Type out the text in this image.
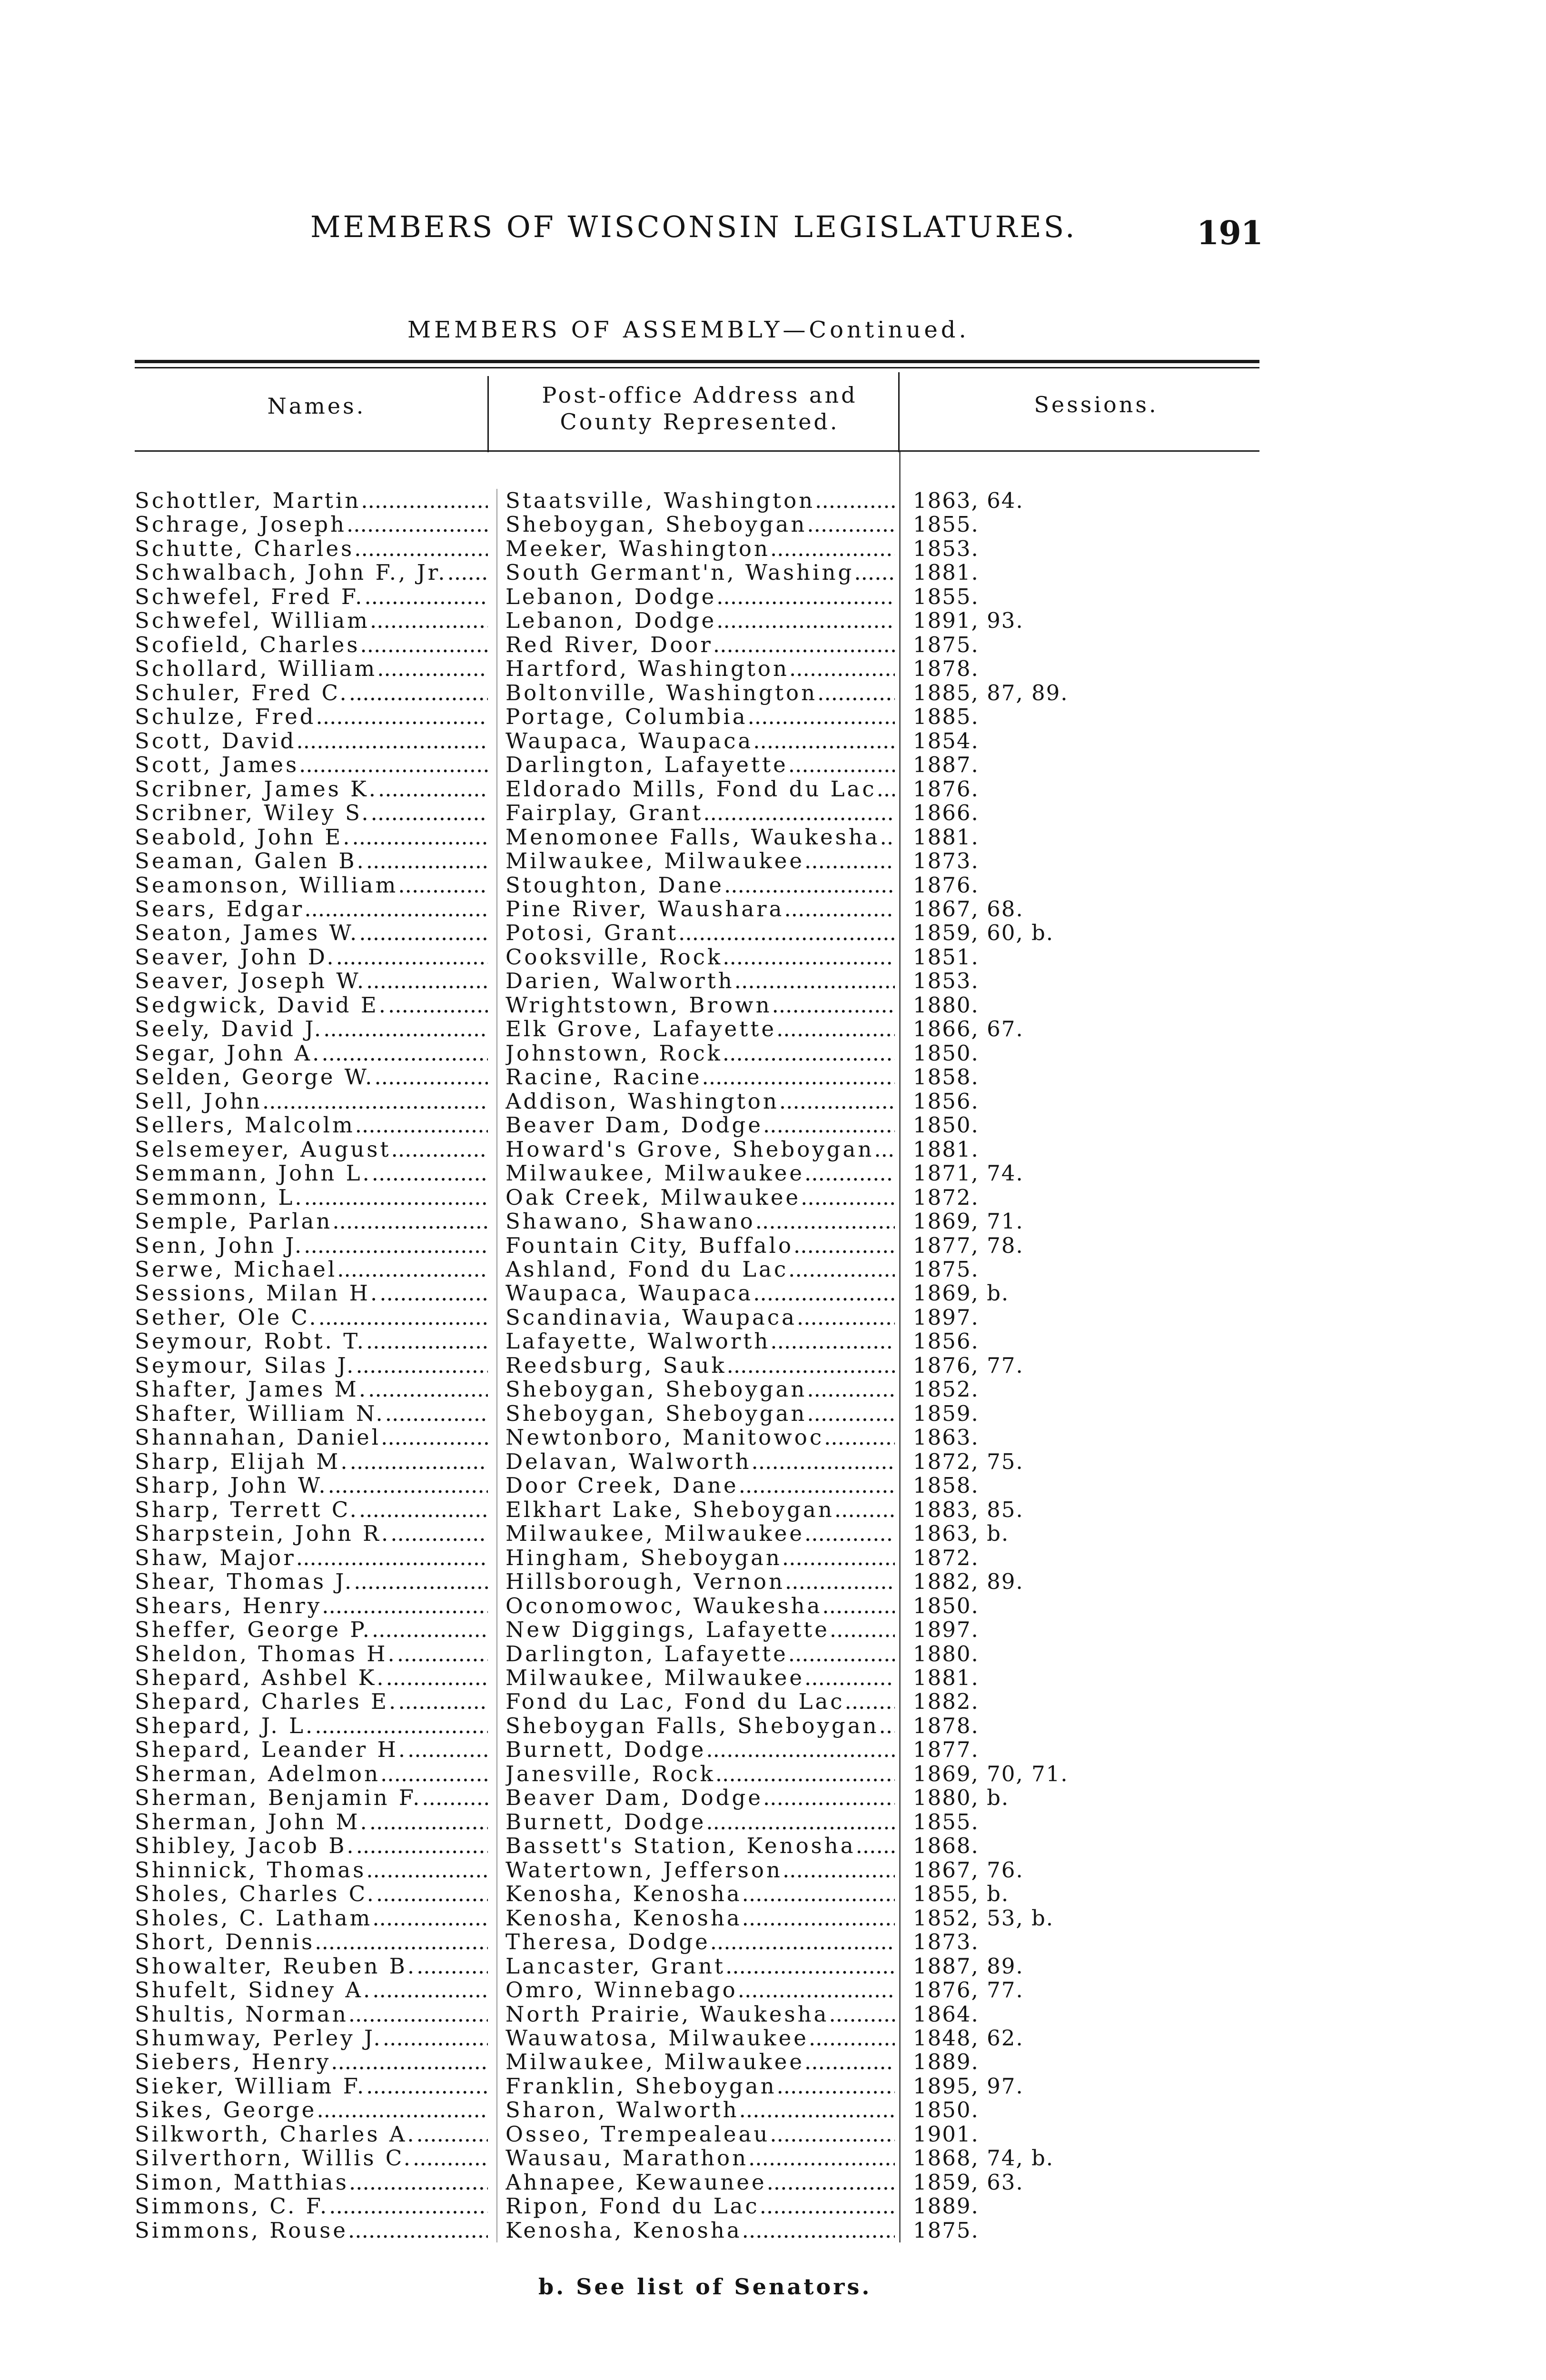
MEMBERS OF WISCONSIN LEGISLATURES.	191
MEMBERS OF ASSEMBLY—Continued.
Names.	Post-office Address and
County Represented.
Sessions.
Schottler, Martin .....	Staatsville, Washington .....	1863, 64.
Schrage, Joseph .....	Sheboygan, Sheboygan .....	1855.
Schutte, Charles .....	Meeker, Washington .....	1853.
Schwalbach, John F., Jr. .....	South Germant'n, Washing .....	1881.
Schwefel, Fred F. .....	Lebanon, Dodge .....	1855.
Schwefel, William .....	Lebanon, Dodge .....	1891, 93.
Scofield, Charles .....	Red River, Door .....	1875.
Schollard, William .....	Hartford, Washington .....	1878.
Schuler, Fred C. .....	Boltonville, Washington .....	1885, 87, 89.
Schulze, Fred .....	Portage, Columbia .....	1885.
Scott, David .....	Waupaca, Waupaca .....	1854.
Scott, James .....	Darlington, Lafayette .....	1887.
Scribner, James K. .....	Eldorado Mills, Fond du Lac ..... 1876.
Scribner, Wiley S. .....	Fairplay, Grant .....	1866.
Seabold, John E. .....	Menomonee Falls, Waukesha ..... 1881.
Seaman, Galen B. .....	Milwaukee, Milwaukee .....	1873.
Seamonson, William .....	Stoughton, Dane .....	1876.
Sears, Edgar .....	Pine River, Waushara .....	1867, 68.
Seaton, James W. .....	Potosi, Grant .....	1859, 60, b.
Seaver, John D. .....	Cooksville, Rock .....	1851.
Seaver, Joseph W. .....	Darien, Walworth .....	1853.
Sedgwick, David E. .....	Wrightstown, Brown .....	1880.
Seely, David J. .....	Elk Grove, Lafayette .....	1866, 67.
Segar, John A. .....	Johnstown, Rock .....	1850.
Selden, George W. .....	Racine, Racine .....	1858.
Sell, John .....	Addison, Washington .....	1856.
Sellers, Malcolm .....	Beaver Dam, Dodge .....	1850.
Selsemeyer, August .....	Howard's Grove, Sheboygan ..... 1881.
Semmann, John L. .....	Milwaukee, Milwaukee .....	1871, 74.
Semmonn, L. .....	Oak Creek, Milwaukee .....	1872.
Semple, Parlan .....	Shawano, Shawano .....	1869, 71.
Senn, John J. .....	Fountain City, Buffalo .....	1877, 78.
Serwe, Michael .....	Ashland, Fond du Lac .....	1875.
Sessions, Milan H. .....	Waupaca, Waupaca .....	1869, b.
Sether, Ole C. .....	Scandinavia, Waupaca .....	1897.
Seymour, Robt. T. .....	Lafayette, Walworth .....	1856.
Seymour, Silas J. .....	Reedsburg, Sauk .....	1876, 77.
Shafter, James M. .....	Sheboygan, Sheboygan .....	1852.
Shafter, William N. .....	Sheboygan, Sheboygan .....	1859.
Shannahan, Daniel .....	Newtonboro, Manitowoc .....	1863.
Sharp, Elijah M. .....	Delavan, Walworth .....	1872, 75.
Sharp, John W. .....	Door Creek, Dane .....	1858.
Sharp, Terrett C. .....	Elkhart Lake, Sheboygan .....	1883, 85.
Sharpstein, John R. .....	Milwaukee, Milwaukee .....	1863, b.
Shaw, Major .....	Hingham, Sheboygan .....	1872.
Shear, Thomas J. .....	Hillsborough, Vernon .....	1882, 89.
Shears, Henry .....	Oconomowoc, Waukesha .....	1850.
Sheffer, George P. .....	New Diggings, Lafayette .....	1897.
Sheldon, Thomas H. .....	Darlington, Lafayette .....	1880.
Shepard, Ashbel K. .....	Milwaukee, Milwaukee .....	1881.
Shepard, Charles E. .....	Fond du Lac, Fond du Lac .....	1882.
Shepard, J. L. .....	Sheboygan Falls, Sheboygan ..... 1878.
Shepard, Leander H. .....	Burnett, Dodge .....	1877.
Sherman, Adelmon .....	Janesville, Rock .....	1869, 70, 71.
Sherman, Benjamin F. .....	Beaver Dam, Dodge .....	1880, b.
Sherman, John M. .....	Burnett, Dodge .....	1855.
Shibley, Jacob B. .....	Bassett's Station, Kenosha .....	1868.
Shinnick, Thomas .....	Watertown, Jefferson .....	1867, 76.
Sholes, Charles C. .....	Kenosha, Kenosha .....	1855, b.
Sholes, C. Latham .....	Kenosha, Kenosha .....	1852, 53, b.
Short, Dennis .....	Theresa, Dodge .....	1873.
Showalter, Reuben B. .....	Lancaster, Grant .....	1887, 89.
Shufelt, Sidney A. .....	Omro, Winnebago .....	1876, 77.
Shultis, Norman .....	North Prairie, Waukesha .....	1864.
Shumway, Perley J. .....	Wauwatosa, Milwaukee .....	1848, 62.
Siebers, Henry .....	Milwaukee, Milwaukee .....	1889.
Sieker, William F. .....	Franklin, Sheboygan .....	1895, 97.
Sikes, George .....	Sharon, Walworth .....	1850.
Silkworth, Charles A. .....	Osseo, Trempealeau .....	1901.
Silverthorn, Willis C. .....	Wausau, Marathon .....	1868, 74, b.
Simon, Matthias .....	Ahnapee, Kewaunee .....	1859, 63.
Simmons, C. F. .....	Ripon, Fond du Lac .....	1889.
Simmons, Rouse .....	Kenosha, Kenosha .....	1875.
b. See list of Senators.
